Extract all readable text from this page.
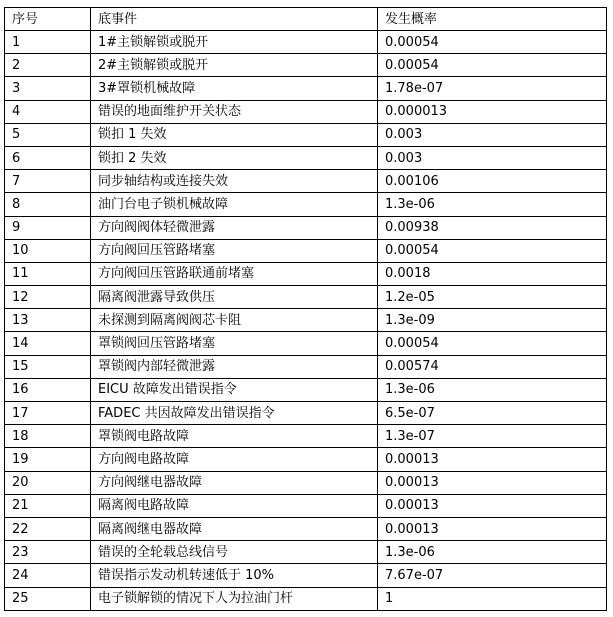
序号	底事件	发生概率
1	1#主锁解锁或脱开	0.00054
2	2#主锁解锁或脱开	0.00054
3	3#罩锁机械故障	1.78e-07
4	错误的地面维护开关状态	0.000013
5	锁扣 1 失效	0.003
6	锁扣 2 失效	0.003
7	同步轴结构或连接失效	0.00106
8	油门台电子锁机械故障	1.3e-06
9	方向阀阀体轻微泄露	0.00938
10	方向阀回压管路堵塞	0.00054
11	方向阀回压管路联通前堵塞	0.0018
12	隔离阀泄露导致供压	1.2e-05
13	未探测到隔离阀阀芯卡阻	1.3e-09
14	罩锁阀回压管路堵塞	0.00054
15	罩锁阀内部轻微泄露	0.00574
16	EICU 故障发出错误指令	1.3e-06
17	FADEC 共因故障发出错误指令	6.5e-07
18	罩锁阀电路故障	1.3e-07
19	方向阀电路故障	0.00013
20	方向阀继电器故障	0.00013
21	隔离阀电路故障	0.00013
22	隔离阀继电器故障	0.00013
23	错误的全轮载总线信号	1.3e-06
24	错误指示发动机转速低于 10%	7.67e-07
25	电子锁解锁的情况下人为拉油门杆	1
